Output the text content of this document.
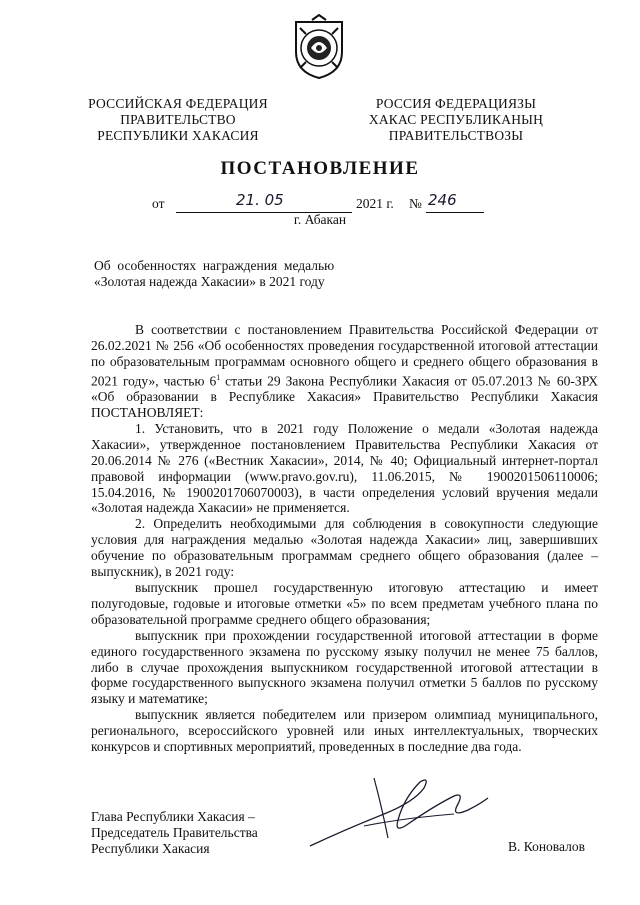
РОССИЙСКАЯ ФЕДЕРАЦИЯ
ПРАВИТЕЛЬСТВО
РЕСПУБЛИКИ ХАКАСИЯ
РОССИЯ ФЕДЕРАЦИЯЗЫ
ХАКАС РЕСПУБЛИКАНЫҢ
ПРАВИТЕЛЬСТВОЗЫ
ПОСТАНОВЛЕНИЕ
от	21. 05	2021 г. № 246
г. Абакан
Об  особенностях  награждения  медалью
«Золотая надежда Хакасии» в 2021 году

В соответствии с постановлением Правительства Российской Федерации от 26.02.2021 № 256 «Об особенностях проведения государственной итоговой аттестации по образовательным программам основного общего и среднего общего образования в 2021 году», частью $6^1$ статьи 29 Закона Республики Хакасия от 05.07.2013 № 60-ЗРХ «Об образовании в Республике Хакасия» Правительство Республики Хакасия ПОСТАНОВЛЯЕТ:

1. Установить, что в 2021 году Положение о медали «Золотая надежда Хакасии», утвержденное постановлением Правительства Республики Хакасия от 20.06.2014 № 276 («Вестник Хакасии», 2014, № 40; Официальный интернет-портал правовой информации (www.pravo.gov.ru), 11.06.2015, № 1900201506110006; 15.04.2016, № 1900201706070003), в части определения условий вручения медали «Золотая надежда Хакасии» не применяется.

2. Определить необходимыми для соблюдения в совокупности следующие условия для награждения медалью «Золотая надежда Хакасии» лиц, завершивших обучение по образовательным программам среднего общего образования (далее – выпускник), в 2021 году:

выпускник прошел государственную итоговую аттестацию и имеет полугодовые, годовые и итоговые отметки «5» по всем предметам учебного плана по образовательной программе среднего общего образования;

выпускник при прохождении государственной итоговой аттестации в форме единого государственного экзамена по русскому языку получил не менее 75 баллов, либо в случае прохождения выпускником государственной итоговой аттестации в форме государственного выпускного экзамена получил отметки 5 баллов по русскому языку и математике;

выпускник является победителем или призером олимпиад муниципального, регионального, всероссийского уровней или иных интеллектуальных, творческих конкурсов и спортивных мероприятий, проведенных в последние два года.

Глава Республики Хакасия –
Председатель Правительства
Республики Хакасия	В. Коновалов
